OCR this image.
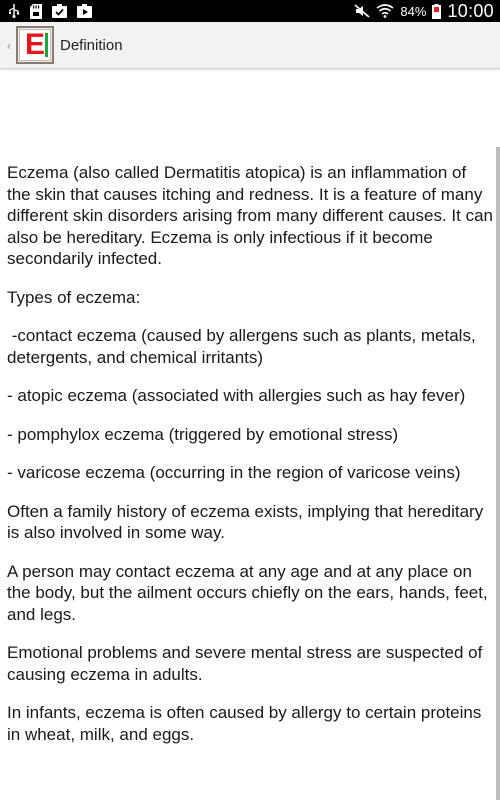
84% 10:00
‹ E Definition

Eczema (also called Dermatitis atopica) is an inflammation of the skin that causes itching and redness. It is a feature of many different skin disorders arising from many different causes. It can also be hereditary. Eczema is only infectious if it become secondarily infected.

Types of eczema:

-contact eczema (caused by allergens such as plants, metals, detergents, and chemical irritants)

- atopic eczema (associated with allergies such as hay fever)

- pomphylox eczema (triggered by emotional stress)

- varicose eczema (occurring in the region of varicose veins)

Often a family history of eczema exists, implying that hereditary is also involved in some way.

A person may contact eczema at any age and at any place on the body, but the ailment occurs chiefly on the ears, hands, feet, and legs.

Emotional problems and severe mental stress are suspected of causing eczema in adults.

In infants, eczema is often caused by allergy to certain proteins in wheat, milk, and eggs.
